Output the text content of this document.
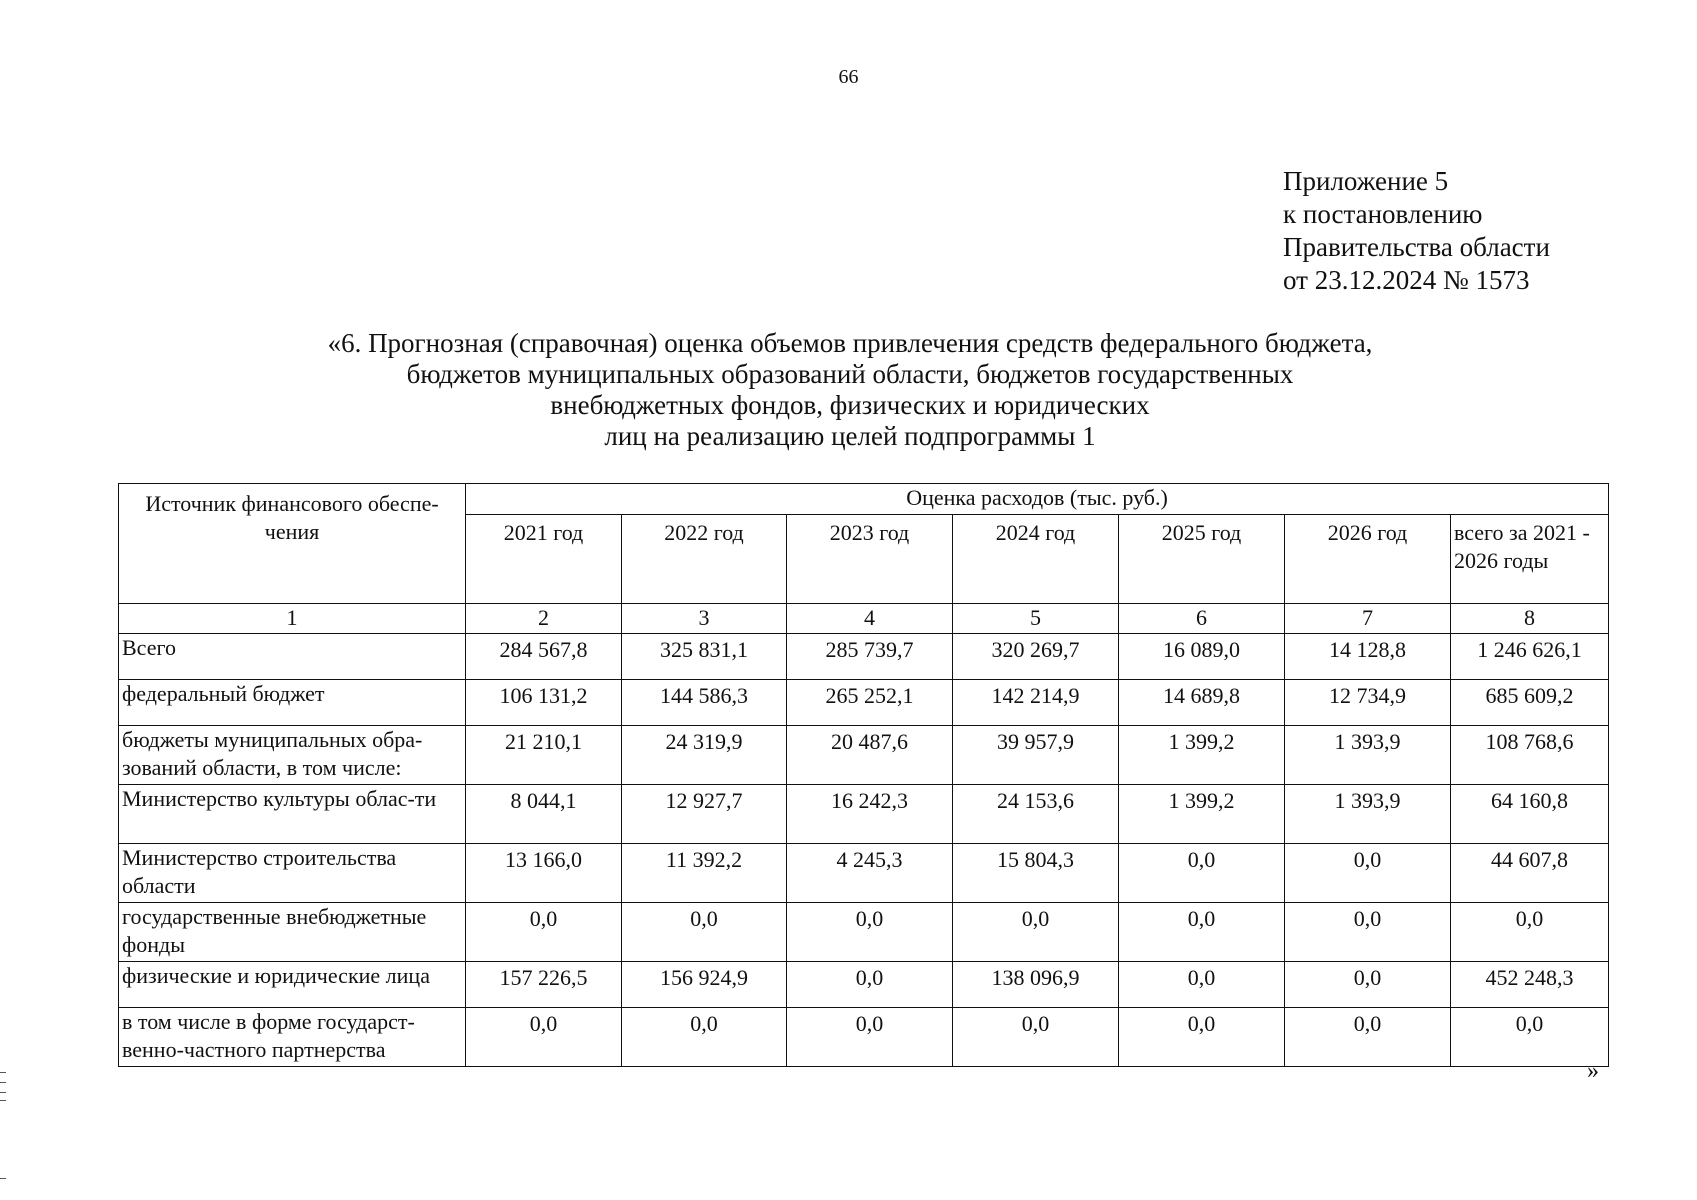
66
Приложение 5
к постановлению
Правительства области
от 23.12.2024 № 1573
«6. Прогнозная (справочная) оценка объемов привлечения средств федерального бюджета,
бюджетов муниципальных образований области, бюджетов государственных
внебюджетных фондов, физических и юридических
лиц на реализацию целей подпрограммы 1
Источник финансового обеспе-чения	Оценка расходов (тыс. руб.)						
	2021 год	2022 год	2023 год	2024 год	2025 год	2026 год	всего за 2021 - 2026 годы
1	2	3	4	5	6	7	8
Всего	284 567,8	325 831,1	285 739,7	320 269,7	16 089,0	14 128,8	1 246 626,1
федеральный бюджет	106 131,2	144 586,3	265 252,1	142 214,9	14 689,8	12 734,9	685 609,2
бюджеты муниципальных обра-зований области, в том числе:	21 210,1	24 319,9	20 487,6	39 957,9	1 399,2	1 393,9	108 768,6
Министерство культуры облас-ти	8 044,1	12 927,7	16 242,3	24 153,6	1 399,2	1 393,9	64 160,8
Министерство строительства области	13 166,0	11 392,2	4 245,3	15 804,3	0,0	0,0	44 607,8
государственные внебюджетные фонды	0,0	0,0	0,0	0,0	0,0	0,0	0,0
физические и юридические лица	157 226,5	156 924,9	0,0	138 096,9	0,0	0,0	452 248,3
в том числе в форме государст-венно-частного партнерства	0,0	0,0	0,0	0,0	0,0	0,0	0,0
»
